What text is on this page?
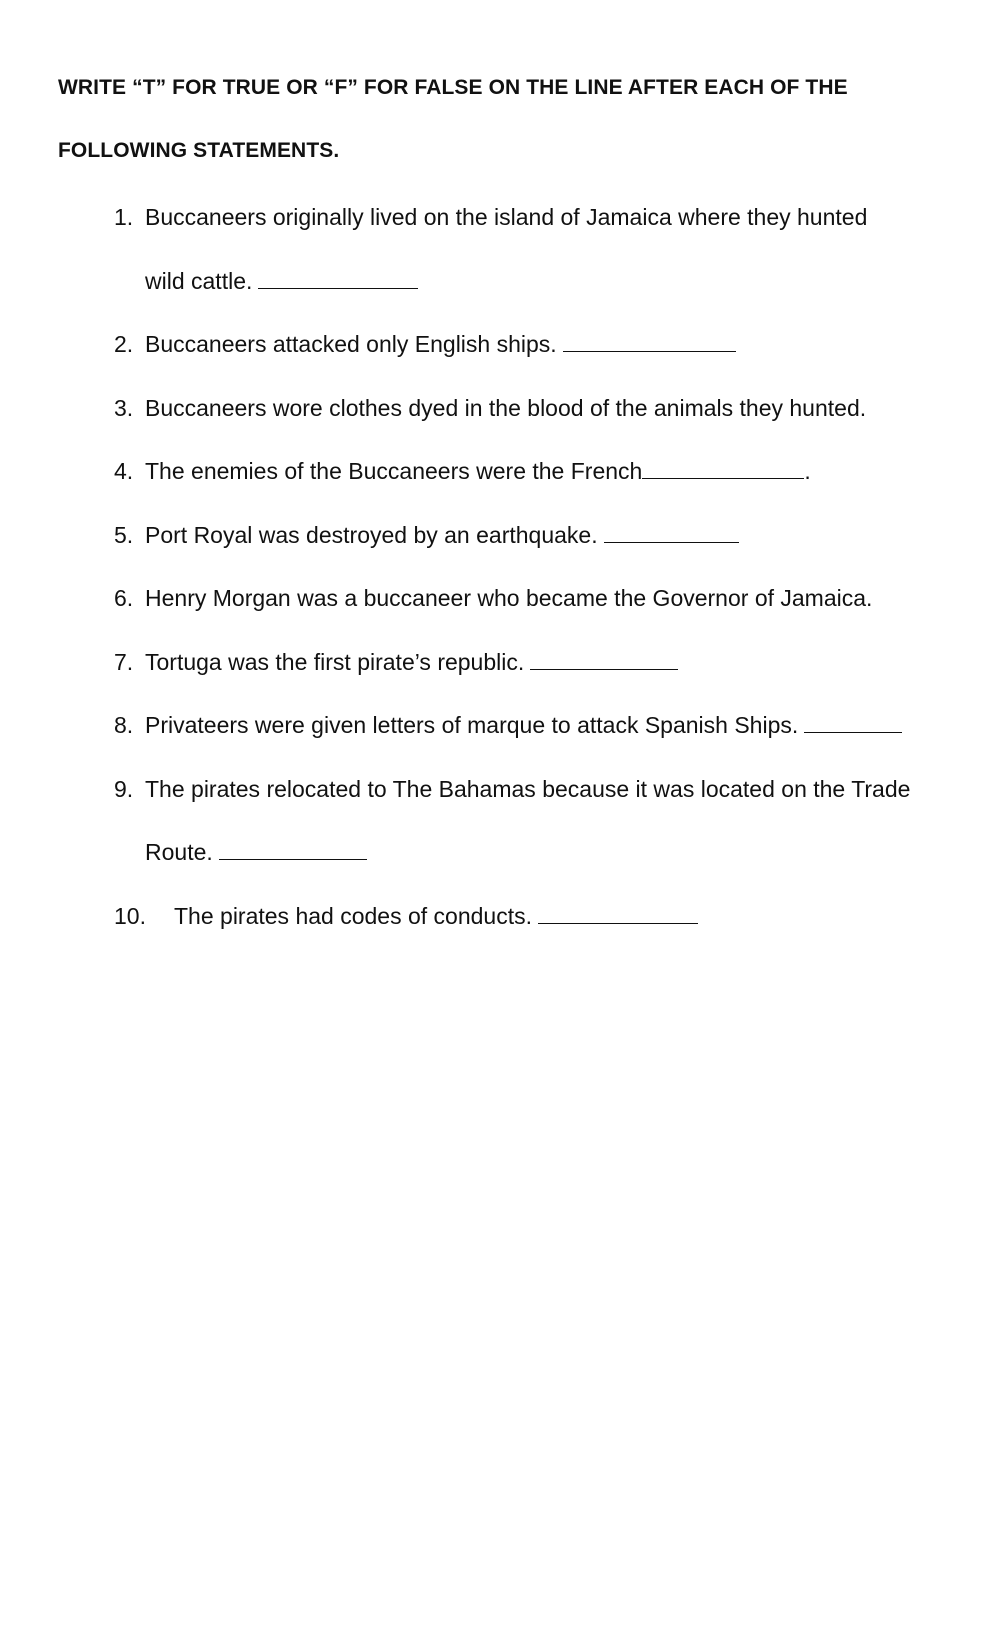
WRITE “T” FOR TRUE OR “F” FOR FALSE ON THE LINE AFTER EACH OF THE
FOLLOWING STATEMENTS.
1. Buccaneers originally lived on the island of Jamaica where they hunted
wild cattle.
2. Buccaneers attacked only English ships.
3. Buccaneers wore clothes dyed in the blood of the animals they hunted.
4. The enemies of the Buccaneers were the French	.
5. Port Royal was destroyed by an earthquake.
6. Henry Morgan was a buccaneer who became the Governor of Jamaica.
7. Tortuga was the first pirate’s republic.
8. Privateers were given letters of marque to attack Spanish Ships.
9. The pirates relocated to The Bahamas because it was located on the Trade
Route.
10. The pirates had codes of conducts.
